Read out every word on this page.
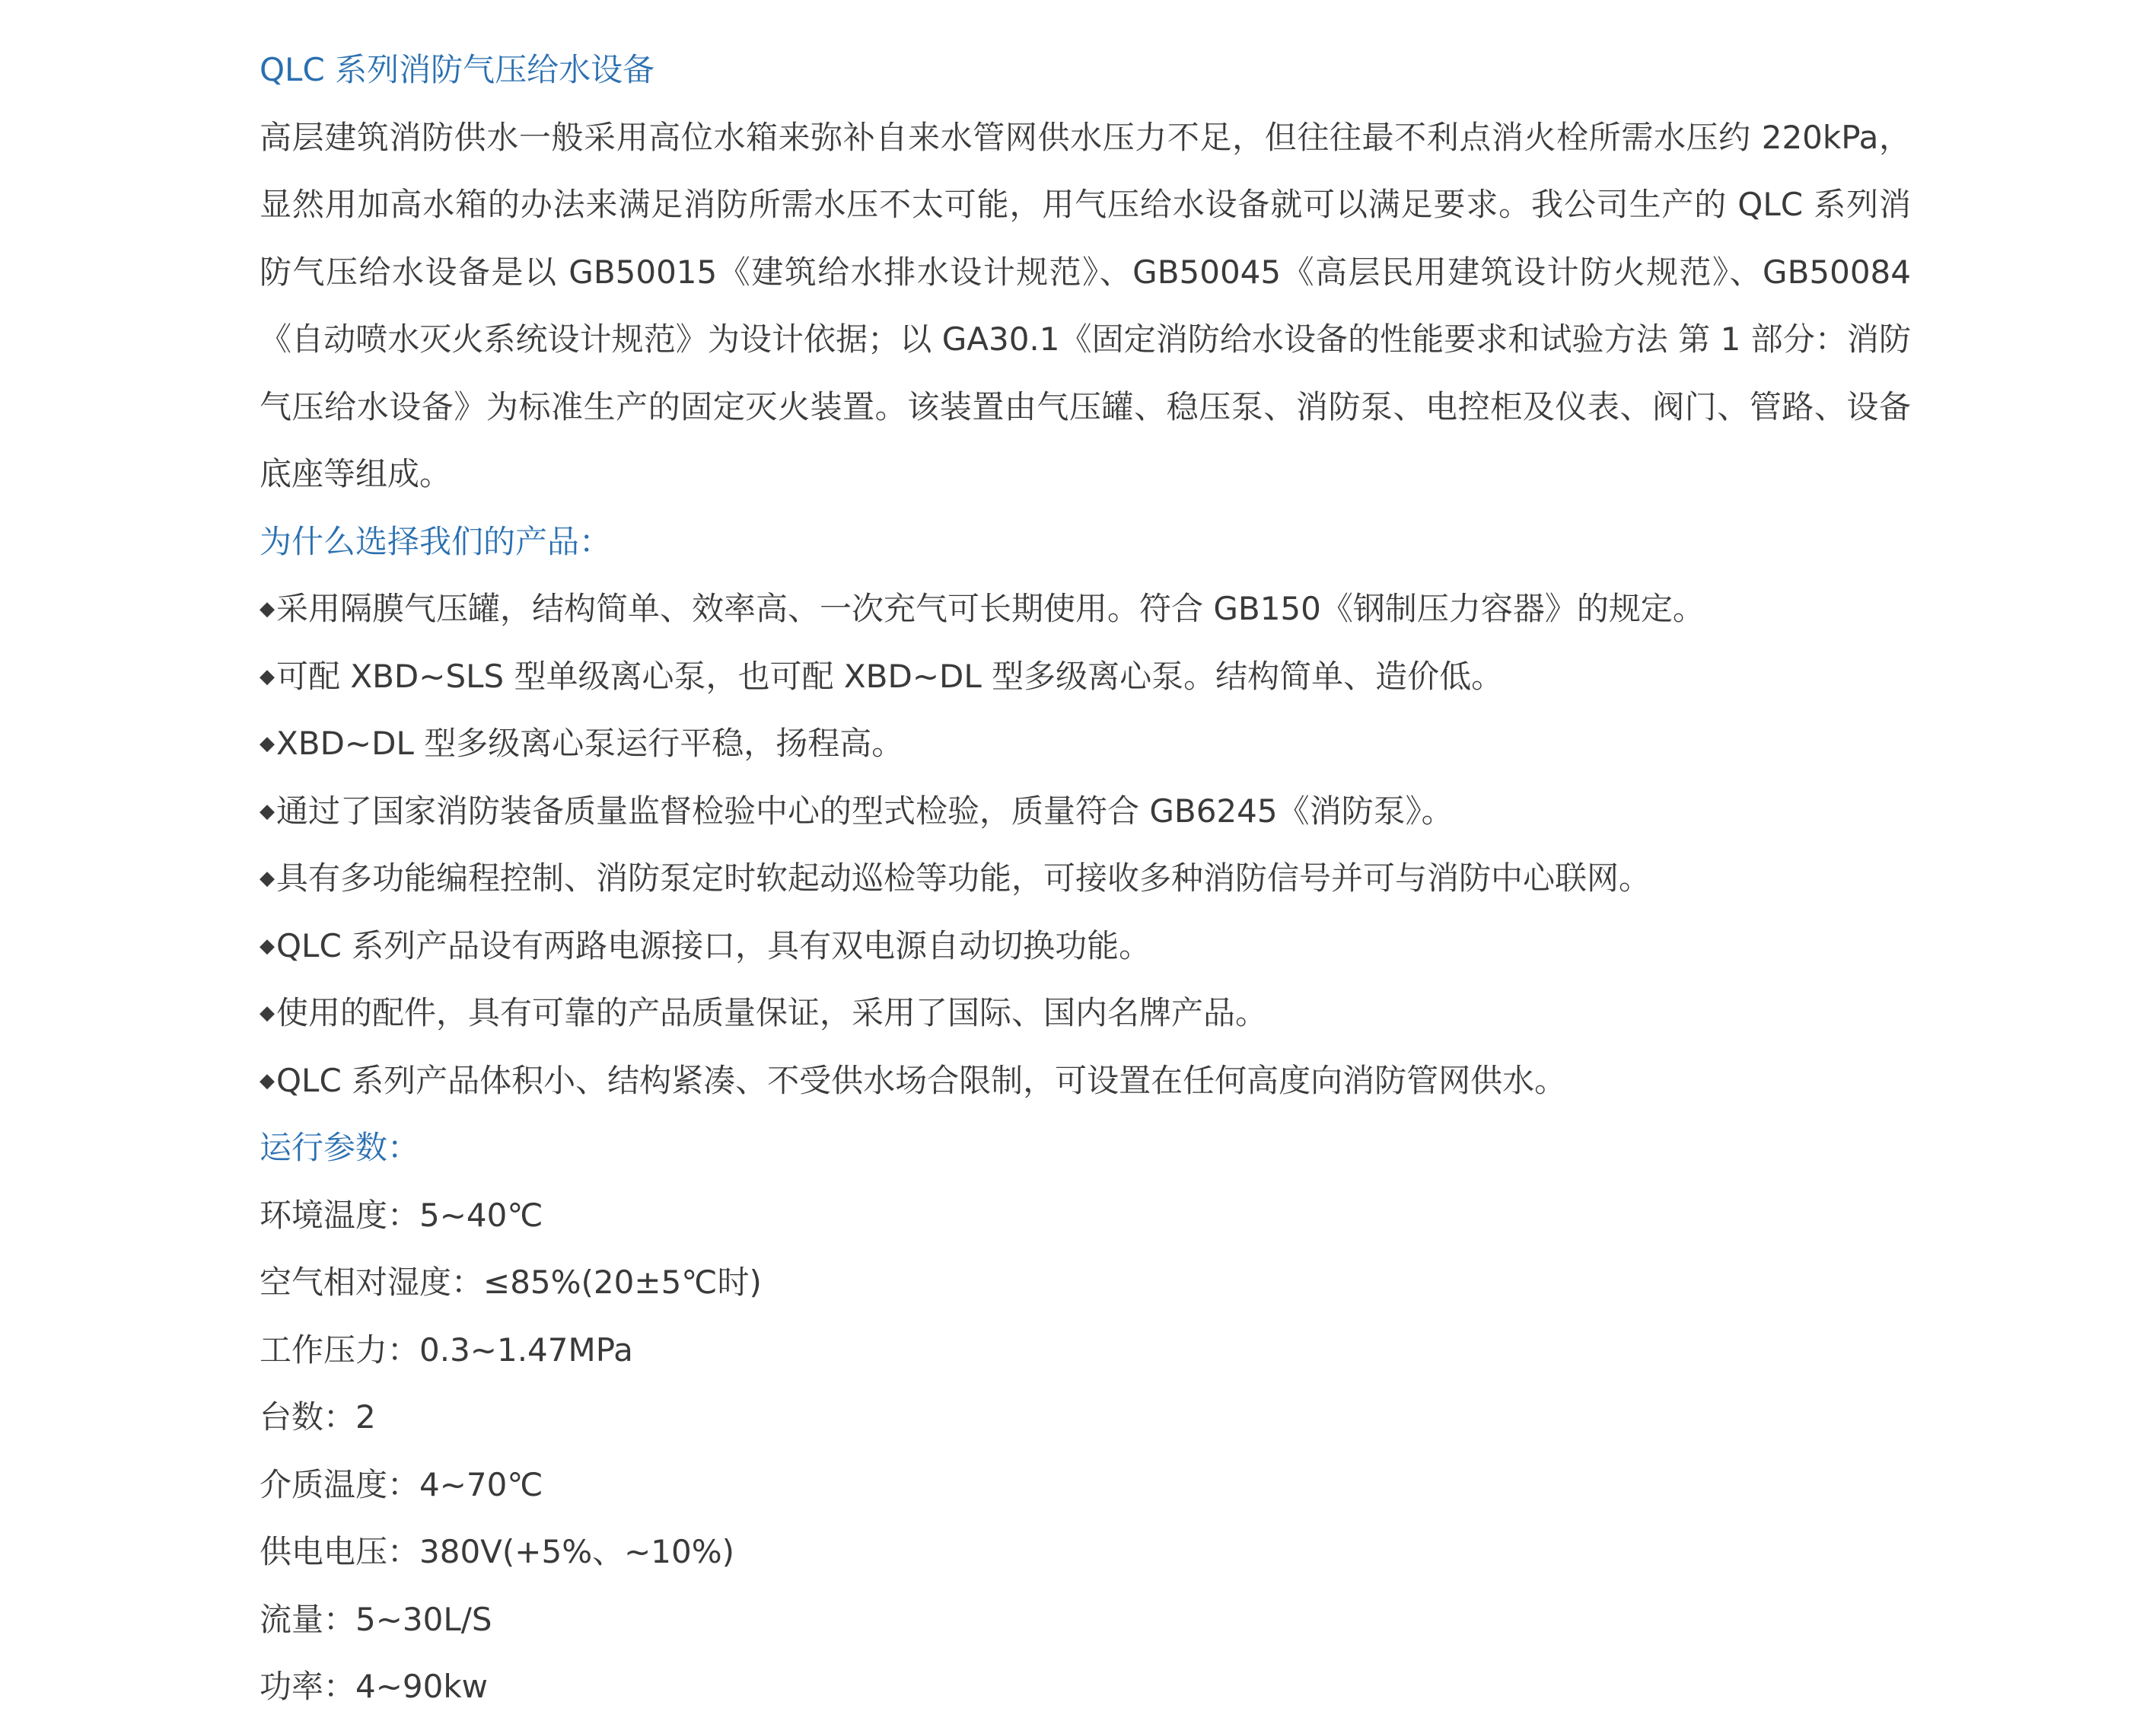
QLC 系列消防气压给水设备
高层建筑消防供水一般采用高位水箱来弥补自来水管网供水压力不足，但往往最不利点消火栓所需水压约 220kPa，显然用加高水箱的办法来满足消防所需水压不太可能，用气压给水设备就可以满足要求。我公司生产的 QLC 系列消防气压给水设备是以 GB50015《建筑给水排水设计规范》、GB50045《高层民用建筑设计防火规范》、GB50084《自动喷水灭火系统设计规范》为设计依据；以 GA30.1《固定消防给水设备的性能要求和试验方法 第 1 部分：消防气压给水设备》为标准生产的固定灭火装置。该装置由气压罐、稳压泵、消防泵、电控柜及仪表、阀门、管路、设备底座等组成。
为什么选择我们的产品：
◆采用隔膜气压罐，结构简单、效率高、一次充气可长期使用。符合 GB150《钢制压力容器》的规定。
◆可配 XBD~SLS 型单级离心泵，也可配 XBD~DL 型多级离心泵。结构简单、造价低。
◆XBD~DL 型多级离心泵运行平稳，扬程高。
◆通过了国家消防装备质量监督检验中心的型式检验，质量符合 GB6245《消防泵》。
◆具有多功能编程控制、消防泵定时软起动巡检等功能，可接收多种消防信号并可与消防中心联网。
◆QLC 系列产品设有两路电源接口，具有双电源自动切换功能。
◆使用的配件，具有可靠的产品质量保证，采用了国际、国内名牌产品。
◆QLC 系列产品体积小、结构紧凑、不受供水场合限制，可设置在任何高度向消防管网供水。
运行参数：
环境温度：5~40℃
空气相对湿度：≤85%(20±5℃时)
工作压力：0.3~1.47MPa
台数：2
介质温度：4~70℃
供电电压：380V(+5%、~10%)
流量：5~30L/S
功率：4~90kw
